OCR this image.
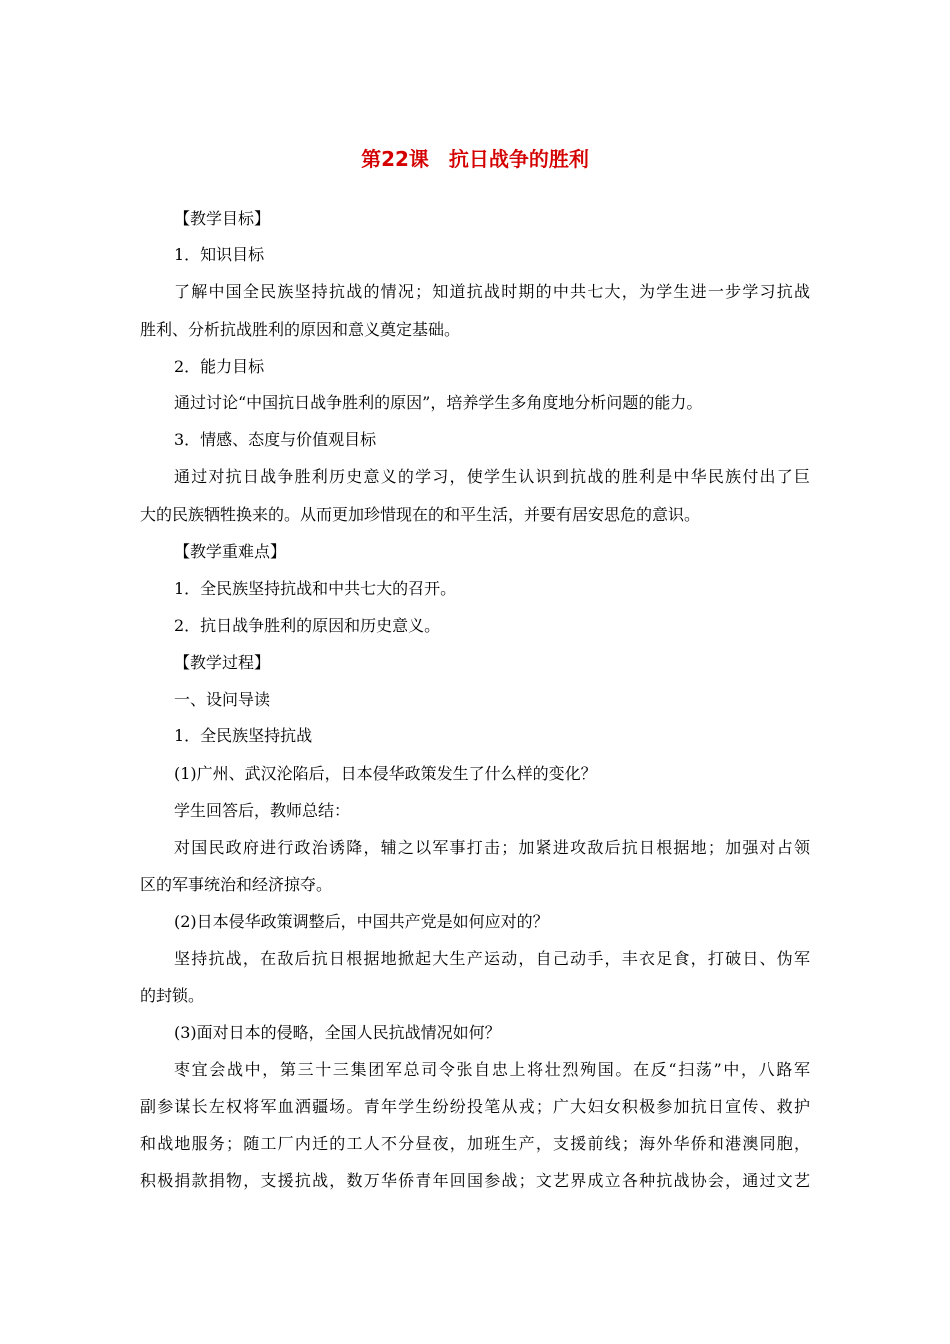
第22课　抗日战争的胜利
【教学目标】
1．知识目标
了解中国全民族坚持抗战的情况；知道抗战时期的中共七大，为学生进一步学习抗战
胜利、分析抗战胜利的原因和意义奠定基础。
2．能力目标
通过讨论“中国抗日战争胜利的原因”，培养学生多角度地分析问题的能力。
3．情感、态度与价值观目标
通过对抗日战争胜利历史意义的学习，使学生认识到抗战的胜利是中华民族付出了巨
大的民族牺牲换来的。从而更加珍惜现在的和平生活，并要有居安思危的意识。
【教学重难点】
1．全民族坚持抗战和中共七大的召开。
2．抗日战争胜利的原因和历史意义。
【教学过程】
一、设问导读
1．全民族坚持抗战
(1)广州、武汉沦陷后，日本侵华政策发生了什么样的变化？
学生回答后，教师总结：
对国民政府进行政治诱降，辅之以军事打击；加紧进攻敌后抗日根据地；加强对占领
区的军事统治和经济掠夺。
(2)日本侵华政策调整后，中国共产党是如何应对的？
坚持抗战，在敌后抗日根据地掀起大生产运动，自己动手，丰衣足食，打破日、伪军
的封锁。
(3)面对日本的侵略，全国人民抗战情况如何？
枣宜会战中，第三十三集团军总司令张自忠上将壮烈殉国。在反“扫荡”中，八路军
副参谋长左权将军血洒疆场。青年学生纷纷投笔从戎；广大妇女积极参加抗日宣传、救护
和战地服务；随工厂内迁的工人不分昼夜，加班生产，支援前线；海外华侨和港澳同胞，
积极捐款捐物，支援抗战，数万华侨青年回国参战；文艺界成立各种抗战协会，通过文艺
